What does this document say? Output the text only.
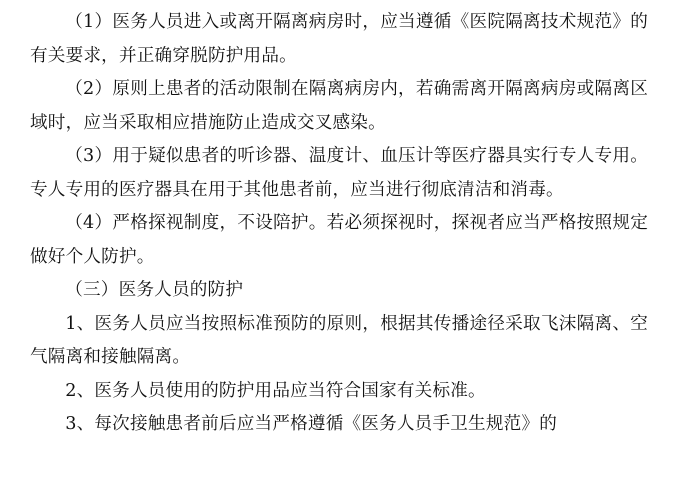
（1）医务人员进入或离开隔离病房时，应当遵循《医院隔离技术规范》的有关要求，并正确穿脱防护用品。

（2）原则上患者的活动限制在隔离病房内，若确需离开隔离病房或隔离区域时，应当采取相应措施防止造成交叉感染。

（3）用于疑似患者的听诊器、温度计、血压计等医疗器具实行专人专用。 专人专用的医疗器具在用于其他患者前，应当进行彻底清洁和消毒。

（4）严格探视制度，不设陪护。若必须探视时，探视者应当严格按照规定做好个人防护。

（三）医务人员的防护

1、医务人员应当按照标准预防的原则，根据其传播途径采取飞沫隔离、空气隔离和接触隔离。

2、医务人员使用的防护用品应当符合国家有关标准。

3、每次接触患者前后应当严格遵循《医务人员手卫生规范》的
